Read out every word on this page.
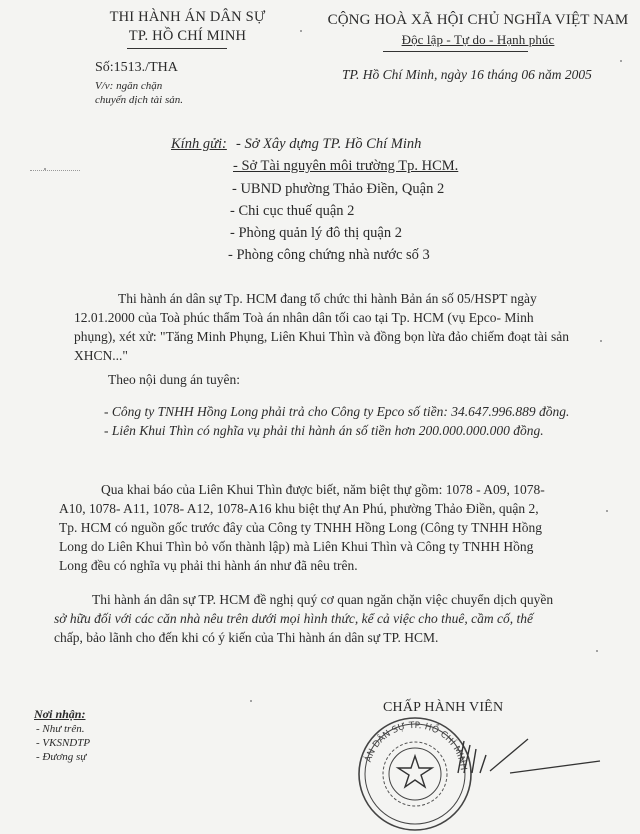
THI HÀNH ÁN DÂN SỰ
TP. HỒ CHÍ MINH
Số:1513./THA
V/v: ngăn chặn
chuyển dịch tài sản.
CỘNG HOÀ XÃ HỘI CHỦ NGHĨA VIỆT NAM
Độc lập - Tự do - Hạnh phúc
TP. Hồ Chí Minh, ngày 16 tháng 06 năm 2005
Kính gửi: - Sở Xây dựng TP. Hồ Chí Minh
- Sở Tài nguyên môi trường Tp. HCM.
- UBND phường Thảo Điền, Quận 2
- Chi cục thuế quận 2
- Phòng quản lý đô thị quận 2
- Phòng công chứng nhà nước số 3

Thi hành án dân sự Tp. HCM đang tổ chức thi hành Bản án số 05/HSPT ngày

12.01.2000 của Toà phúc thẩm Toà án nhân dân tối cao tại Tp. HCM (vụ Epco- Minh

phụng), xét xử: "Tăng Minh Phụng, Liên Khui Thìn và đồng bọn lừa đảo chiếm đoạt tài sản

XHCN..."

Theo nội dung án tuyên:

- Công ty TNHH Hồng Long phải trả cho Công ty Epco số tiền: 34.647.996.889 đồng.

- Liên Khui Thìn có nghĩa vụ phải thi hành án số tiền hơn 200.000.000.000 đồng.

Qua khai báo của Liên Khui Thìn được biết, năm biệt thự gồm: 1078 - A09, 1078-

A10, 1078- A11, 1078- A12, 1078-A16 khu biệt thự An Phú, phường Thảo Điền, quận 2,

Tp. HCM có nguồn gốc trước đây của Công ty TNHH Hồng Long (Công ty TNHH Hồng

Long do Liên Khui Thìn bỏ vốn thành lập) mà Liên Khui Thìn và Công ty TNHH Hồng

Long đều có nghĩa vụ phải thi hành án như đã nêu trên.

Thi hành án dân sự TP. HCM đề nghị quý cơ quan ngăn chặn việc chuyển dịch quyền

sở hữu đối với các căn nhà nêu trên dưới mọi hình thức, kể cả việc cho thuê, cầm cố, thế

chấp, bảo lãnh cho đến khi có ý kiến của Thi hành án dân sự TP. HCM.

Nơi nhận:
- Như trên.
- VKSNDTP
- Đương sự
CHẤP HÀNH VIÊN
ÁN DÂN SỰ TP. HỒ CHÍ MINH
